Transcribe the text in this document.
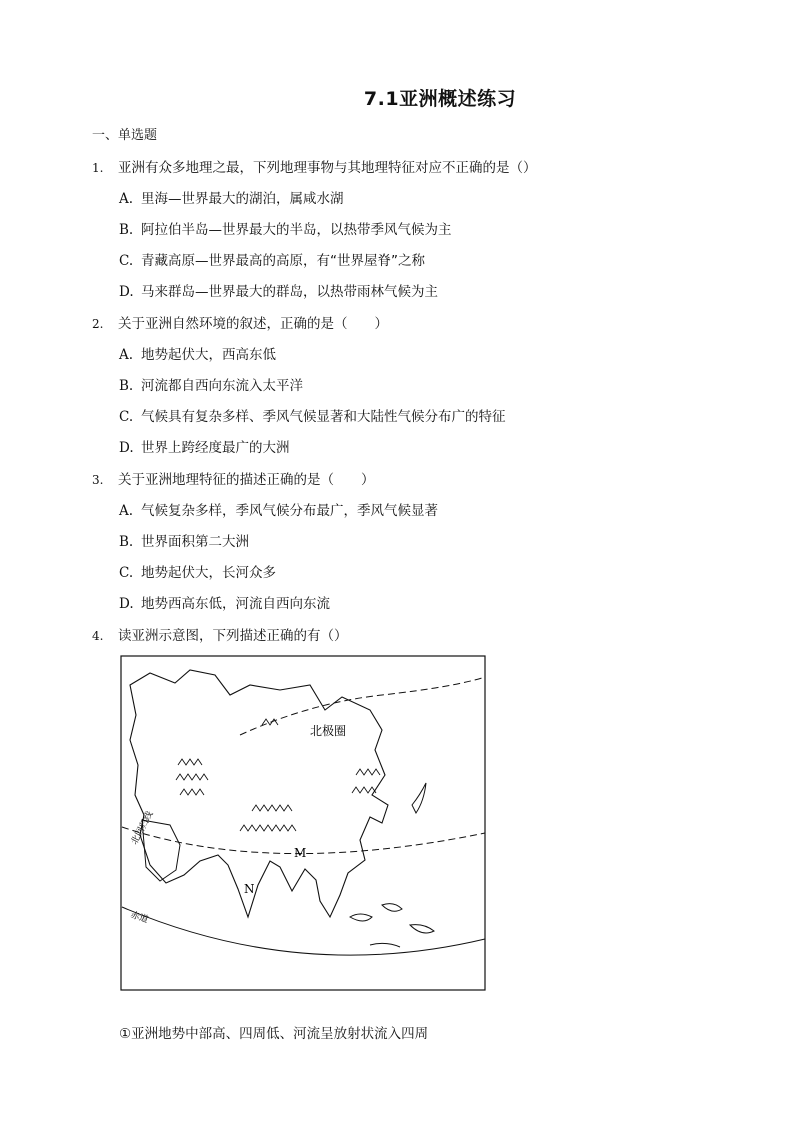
7.1亚洲概述练习
一、单选题
1. 亚洲有众多地理之最，下列地理事物与其地理特征对应不正确的是（）
A. 里海—世界最大的湖泊，属咸水湖
B. 阿拉伯半岛—世界最大的半岛，以热带季风气候为主
C. 青藏高原—世界最高的高原，有“世界屋脊”之称
D. 马来群岛—世界最大的群岛，以热带雨林气候为主
2. 关于亚洲自然环境的叙述，正确的是（　　）
A. 地势起伏大，西高东低
B. 河流都自西向东流入太平洋
C. 气候具有复杂多样、季风气候显著和大陆性气候分布广的特征
D. 世界上跨经度最广的大洲
3. 关于亚洲地理特征的描述正确的是（　　）
A. 气候复杂多样，季风气候分布最广，季风气候显著
B. 世界面积第二大洲
C. 地势起伏大，长河众多
D. 地势西高东低，河流自西向东流
4. 读亚洲示意图，下列描述正确的有（）
北极圈
北回归线
赤道
M
N
①亚洲地势中部高、四周低、河流呈放射状流入四周
